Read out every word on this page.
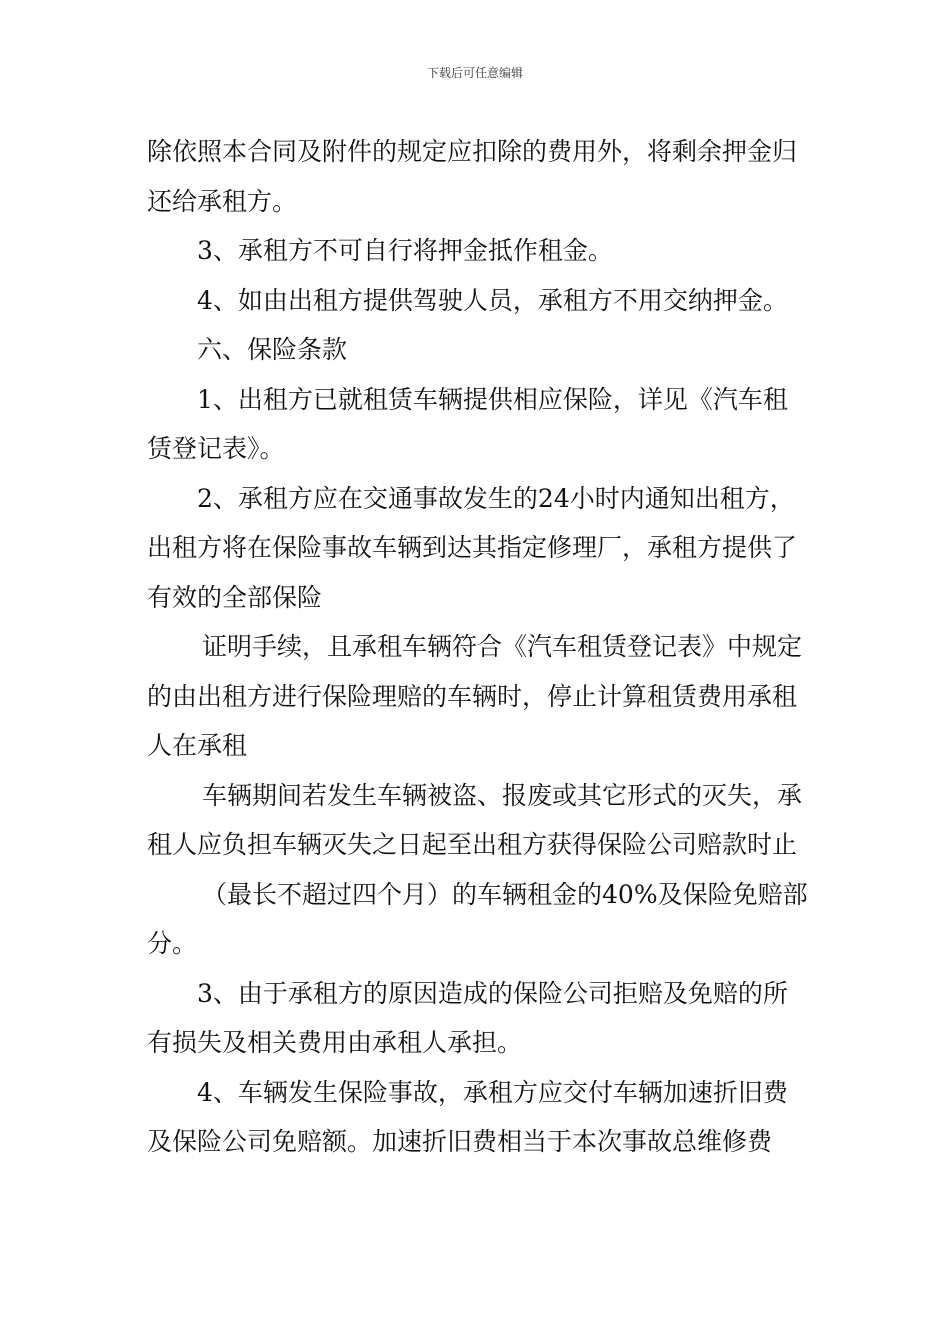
下载后可任意编辑

除依照本合同及附件的规定应扣除的费用外，将剩余押金归还给承租方。

3、承租方不可自行将押金抵作租金。

4、如由出租方提供驾驶人员，承租方不用交纳押金。

六、保险条款

1、出租方已就租赁车辆提供相应保险，详见《汽车租赁登记表》。

2、承租方应在交通事故发生的24小时内通知出租方，出租方将在保险事故车辆到达其指定修理厂，承租方提供了有效的全部保险

证明手续，且承租车辆符合《汽车租赁登记表》中规定的由出租方进行保险理赔的车辆时，停止计算租赁费用承租人在承租

车辆期间若发生车辆被盗、报废或其它形式的灭失，承租人应负担车辆灭失之日起至出租方获得保险公司赔款时止

（最长不超过四个月）的车辆租金的40%及保险免赔部分。

3、由于承租方的原因造成的保险公司拒赔及免赔的所有损失及相关费用由承租人承担。

4、车辆发生保险事故，承租方应交付车辆加速折旧费及保险公司免赔额。加速折旧费相当于本次事故总维修费
